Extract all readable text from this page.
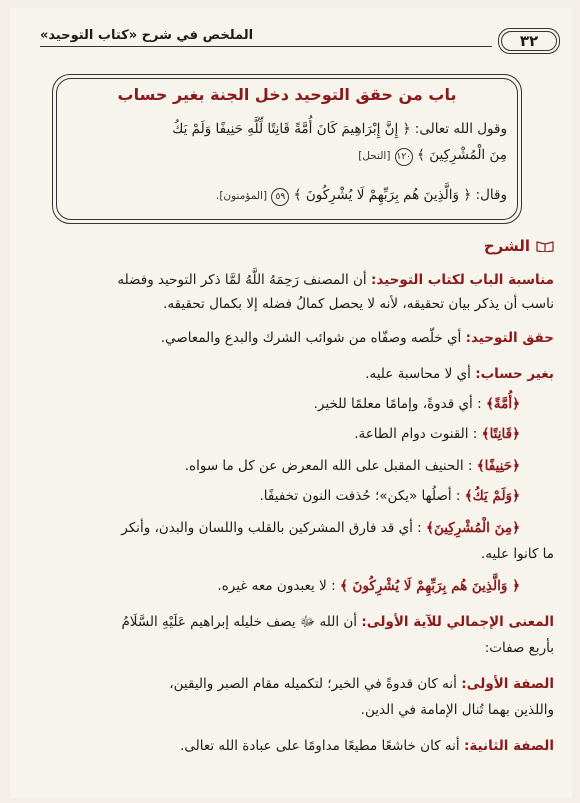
الملخص في شرح «كتاب التوحيد»	٣٢
باب من حقق التوحيد دخل الجنة بغير حساب
وقول الله تعالى: ﴿ إِنَّ إِبْرَاهِيمَ كَانَ أُمَّةً قَانِتًا لِّلَّهِ حَنِيفًا وَلَمْ يَكُ
مِنَ الْمُشْرِكِينَ ﴾ ١٢٠ [النحل]
وقال: ﴿ وَالَّذِينَ هُم بِرَبِّهِمْ لَا يُشْرِكُونَ ﴾ ٥٩ [المؤمنون].
الشرح
مناسبة الباب لكتاب التوحيد: أن المصنف رَحِمَهُ اللَّهُ لمَّا ذكر التوحيد وفضله
ناسب أن يذكر بيان تحقيقه، لأنه لا يحصل كمالُ فضله إلا بكمال تحقيقه.
حقق التوحيد: أي خلّصه وصفّاه من شوائب الشرك والبدع والمعاصي.
بغير حساب: أي لا محاسبة عليه.
﴿أُمَّةً﴾ : أي قدوةً، وإمامًا معلمًا للخير.
﴿قَانِتًا﴾ : القنوت دوام الطاعة.
﴿حَنِيفًا﴾ : الحنيف المقبل على الله المعرض عن كل ما سواه.
﴿وَلَمْ يَكُ﴾ : أصلُها «يكن»؛ حُذفت النون تخفيفًا.
﴿مِنَ الْمُشْرِكِينَ﴾ : أي قد فارق المشركين بالقلب واللسان والبدن، وأنكر
ما كانوا عليه.
﴿ وَالَّذِينَ هُم بِرَبِّهِمْ لَا يُشْرِكُونَ ﴾ : لا يعبدون معه غيره.
المعنى الإجمالي للآية الأولى: أن الله ﷻ يصف خليله إبراهيم عَلَيْهِ السَّلَامُ
بأربع صفات:
الصفة الأولى: أنه كان قدوةً في الخير؛ لتكميله مقام الصبر واليقين،
واللذين بهما تُنال الإمامة في الدين.
الصفة الثانية: أنه كان خاشعًا مطيعًا مداومًا على عبادة الله تعالى.
